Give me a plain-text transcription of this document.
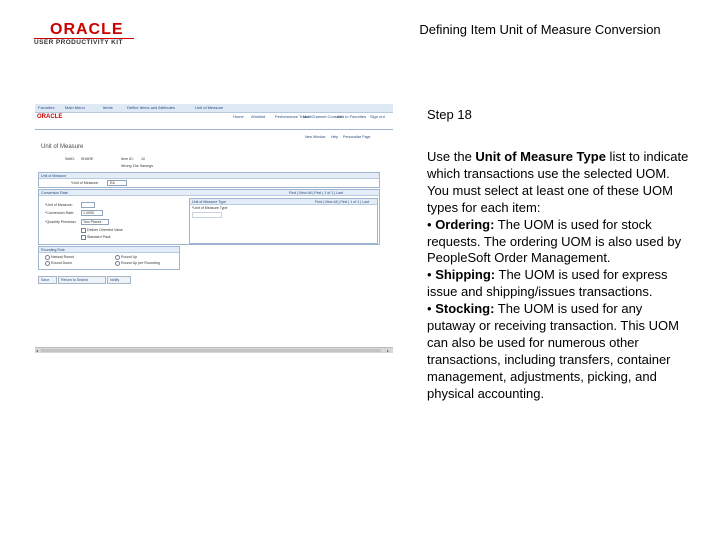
ORACLE
USER PRODUCTIVITY KIT
Defining Item Unit of Measure Conversion
Favorites	Main Menu	Items	Define Items and Attributes	Unit of Measure
ORACLE	Home Worklist Performance Trace
MultiChannel Console
Add to Favorites Sign out
New Window Help Personalize Page
Unit of Measure
SetID: SHARE	Item ID: 10
Wrong Zhe Sarongs
Unit of Measure
*Unit of Measure:	EA
Conversion Rate	Find | View All | First | 1 of 1 | Last
*Unit of Measure:
*Conversion Rate: 1.0000
*Quantity Precision: Two Places
Deliver Oriented Value
Standard Pack
Unit of Measure Type	Find | View All | First | 1 of 1 | Last
*Unit of Measure Type
Rounding Rule
Natural Round	Round Up
Round Down	Round Up per Rounding
Save	Return to Search	Notify
◂	▸
Step 18

Use the Unit of Measure Type list to indicate which transactions use the selected UOM. You must select at least one of these UOM types for each item:

• Ordering: The UOM is used for stock requests. The ordering UOM is also used by PeopleSoft Order Management.

• Shipping: The UOM is used for express issue and shipping/issues transactions.

• Stocking: The UOM is used for any putaway or receiving transaction. This UOM can also be used for numerous other transactions, including transfers, container management, adjustments, picking, and physical accounting.
